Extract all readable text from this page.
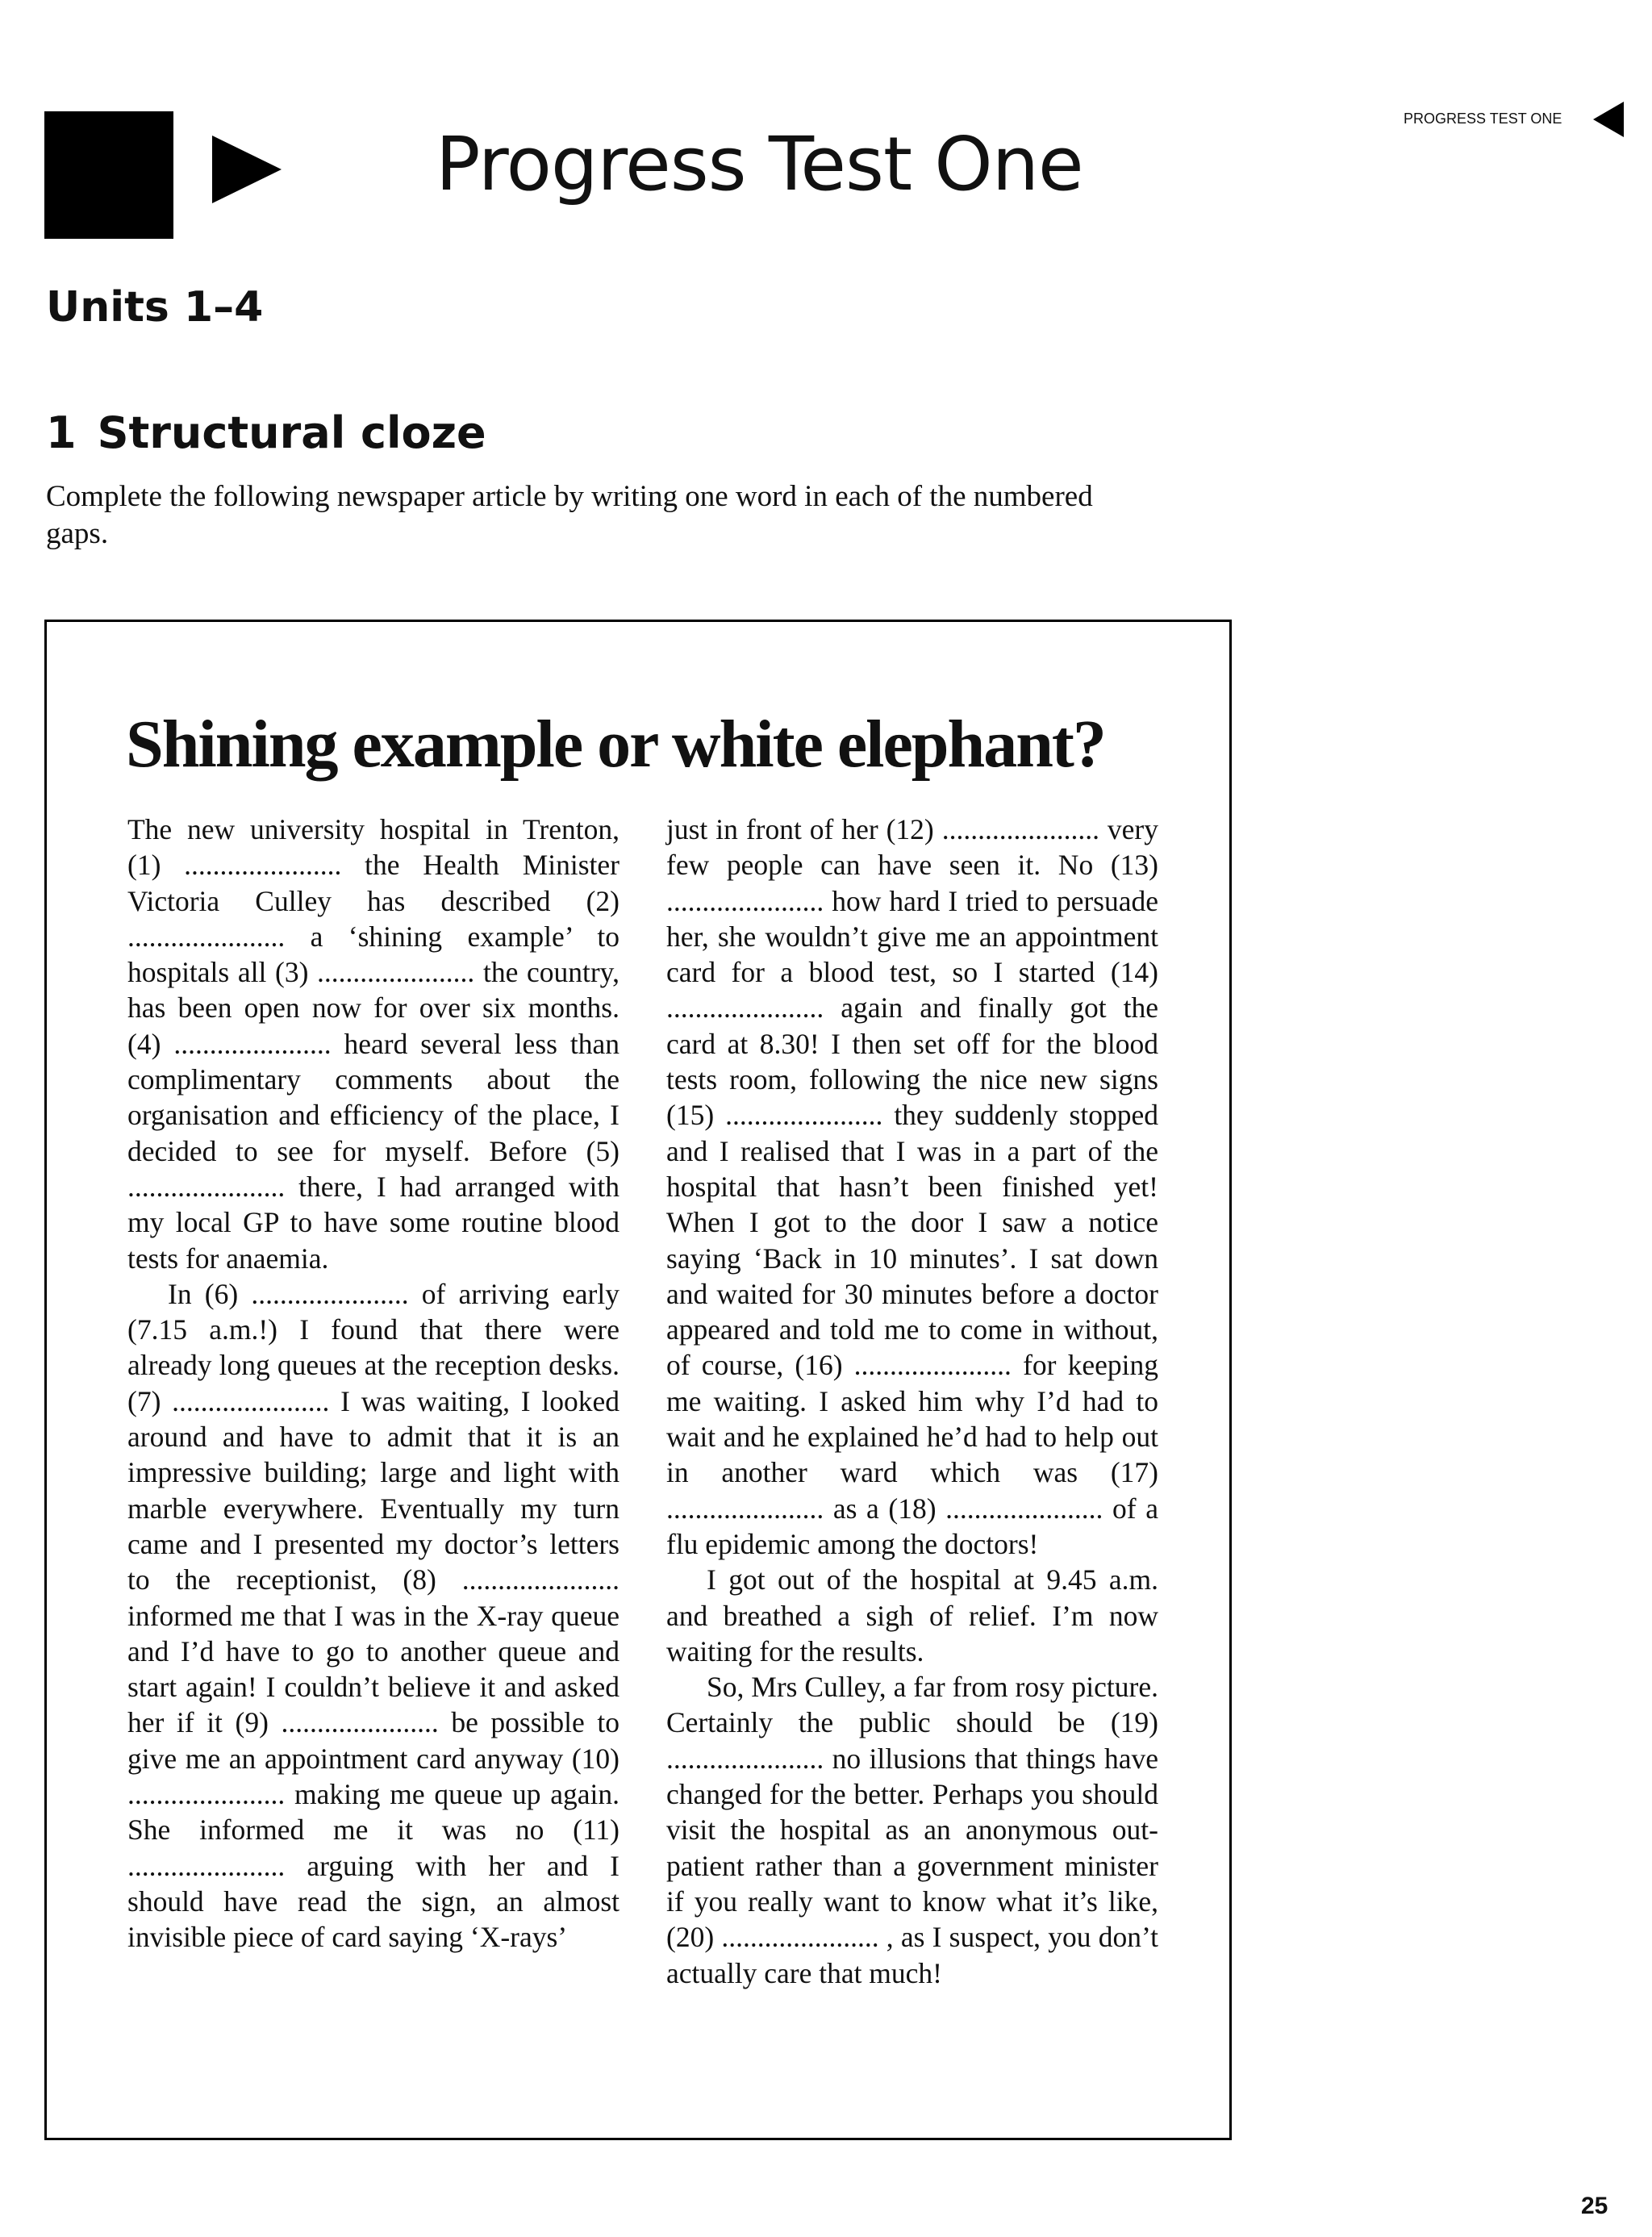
Progress Test One
PROGRESS TEST ONE
Units 1–4
1 Structural cloze

Complete the following newspaper article by writing one word in each of the numbered gaps.

Shining example or white elephant?

The new university hospital in Trenton, (1) ...................... the Health Minister Victoria Culley has described (2) ...................... a ‘shining example’ to hospitals all (3) ...................... the country, has been open now for over six months. (4) ...................... heard several less than complimentary comments about the organisation and efficiency of the place, I decided to see for myself. Before (5) ...................... there, I had arranged with my local GP to have some routine blood tests for anaemia.

In (6) ...................... of arriving early (7.15 a.m.!) I found that there were already long queues at the reception desks. (7) ...................... I was waiting, I looked around and have to admit that it is an impressive building; large and light with marble everywhere. Eventually my turn came and I presented my doctor’s letters to the receptionist, (8) ...................... informed me that I was in the X-ray queue and I’d have to go to another queue and start again! I couldn’t believe it and asked her if it (9) ...................... be possible to give me an appointment card anyway (10) ...................... making me queue up again. She informed me it was no (11) ...................... arguing with her and I should have read the sign, an almost invisible piece of card saying ‘X-rays’

just in front of her (12) ...................... very few people can have seen it. No (13) ...................... how hard I tried to persuade her, she wouldn’t give me an appointment card for a blood test, so I started (14) ...................... again and finally got the card at 8.30! I then set off for the blood tests room, following the nice new signs (15) ...................... they suddenly stopped and I realised that I was in a part of the hospital that hasn’t been finished yet! When I got to the door I saw a notice saying ‘Back in 10 minutes’. I sat down and waited for 30 minutes before a doctor appeared and told me to come in without, of course, (16) ...................... for keeping me waiting. I asked him why I’d had to wait and he explained he’d had to help out in another ward which was (17) ...................... as a (18) ...................... of a flu epidemic among the doctors!

I got out of the hospital at 9.45 a.m. and breathed a sigh of relief. I’m now waiting for the results.

So, Mrs Culley, a far from rosy picture. Certainly the public should be (19) ...................... no illusions that things have changed for the better. Perhaps you should visit the hospital as an anonymous out-patient rather than a government minister if you really want to know what it’s like, (20) ...................... , as I suspect, you don’t actually care that much!

25
